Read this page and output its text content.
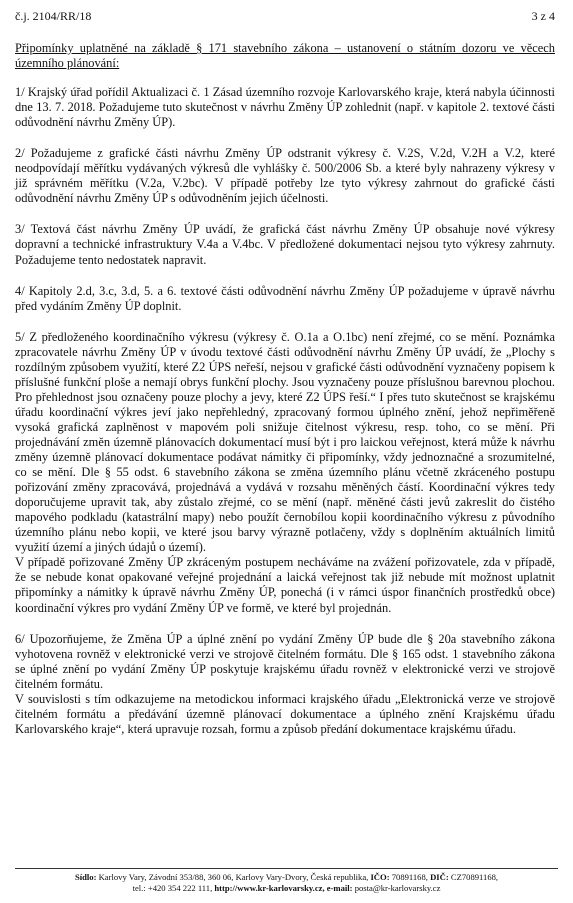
č.j. 2104/RR/18	3 z 4

Připomínky uplatněné na základě § 171 stavebního zákona – ustanovení o státním dozoru ve věcech územního plánování:

1/ Krajský úřad pořídil Aktualizaci č. 1 Zásad územního rozvoje Karlovarského kraje, která nabyla účinnosti dne 13. 7. 2018. Požadujeme tuto skutečnost v návrhu Změny ÚP zohlednit (např. v kapitole 2. textové části odůvodnění návrhu Změny ÚP).

2/ Požadujeme z grafické části návrhu Změny ÚP odstranit výkresy č. V.2S, V.2d, V.2H a V.2, které neodpovídají měřítku vydávaných výkresů dle vyhlášky č. 500/2006 Sb. a které byly nahrazeny výkresy v již správném měřítku (V.2a, V.2bc). V případě potřeby lze tyto výkresy zahrnout do grafické části odůvodnění návrhu Změny ÚP s odůvodněním jejich účelnosti.

3/ Textová část návrhu Změny ÚP uvádí, že grafická část návrhu Změny ÚP obsahuje nové výkresy dopravní a technické infrastruktury V.4a a V.4bc. V předložené dokumentaci nejsou tyto výkresy zahrnuty. Požadujeme tento nedostatek napravit.

4/ Kapitoly 2.d, 3.c, 3.d, 5. a 6. textové části odůvodnění návrhu Změny ÚP požadujeme v úpravě návrhu před vydáním Změny ÚP doplnit.

5/ Z předloženého koordinačního výkresu (výkresy č. O.1a a O.1bc) není zřejmé, co se mění. Poznámka zpracovatele návrhu Změny ÚP v úvodu textové části odůvodnění návrhu Změny ÚP uvádí, že „Plochy s rozdílným způsobem využití, které Z2 ÚPS neřeší, nejsou v grafické části odůvodnění vyznačeny popisem k příslušné funkční ploše a nemají obrys funkční plochy. Jsou vyznačeny pouze příslušnou barevnou plochou. Pro přehlednost jsou označeny pouze plochy a jevy, které Z2 ÚPS řeší.“ I přes tuto skutečnost se krajskému úřadu koordinační výkres jeví jako nepřehledný, zpracovaný formou úplného znění, jehož nepřiměřeně vysoká grafická zaplněnost v mapovém poli snižuje čitelnost výkresu, resp. toho, co se mění. Při projednávání změn územně plánovacích dokumentací musí být i pro laickou veřejnost, která může k návrhu změny územně plánovací dokumentace podávat námitky či připomínky, vždy jednoznačné a srozumitelné, co se mění. Dle § 55 odst. 6 stavebního zákona se změna územního plánu včetně zkráceného postupu pořizování změny zpracovává, projednává a vydává v rozsahu měněných částí. Koordinační výkres tedy doporučujeme upravit tak, aby zůstalo zřejmé, co se mění (např. měněné části jevů zakreslit do čistého mapového podkladu (katastrální mapy) nebo použít černobílou kopii koordinačního výkresu z původního územního plánu nebo kopii, ve které jsou barvy výrazně potlačeny, vždy s doplněním aktuálních limitů využití území a jiných údajů o území).

V případě pořizované Změny ÚP zkráceným postupem necháváme na zvážení pořizovatele, zda v případě, že se nebude konat opakované veřejné projednání a laická veřejnost tak již nebude mít možnost uplatnit připomínky a námitky k úpravě návrhu Změny ÚP, ponechá (i v rámci úspor finančních prostředků obce) koordinační výkres pro vydání Změny ÚP ve formě, ve které byl projednán.

6/ Upozorňujeme, že Změna ÚP a úplné znění po vydání Změny ÚP bude dle § 20a stavebního zákona vyhotovena rovněž v elektronické verzi ve strojově čitelném formátu. Dle § 165 odst. 1 stavebního zákona se úplné znění po vydání Změny ÚP poskytuje krajskému úřadu rovněž v elektronické verzi ve strojově čitelném formátu.

V souvislosti s tím odkazujeme na metodickou informaci krajského úřadu „Elektronická verze ve strojově čitelném formátu a předávání územně plánovací dokumentace a úplného znění Krajskému úřadu Karlovarského kraje“, která upravuje rozsah, formu a způsob předání dokumentace krajskému úřadu.

Sídlo: Karlovy Vary, Závodní 353/88, 360 06, Karlovy Vary-Dvory, Česká republika, IČO: 70891168, DIČ: CZ70891168,
tel.: +420 354 222 111, http://www.kr-karlovarsky.cz, e-mail: posta@kr-karlovarsky.cz
